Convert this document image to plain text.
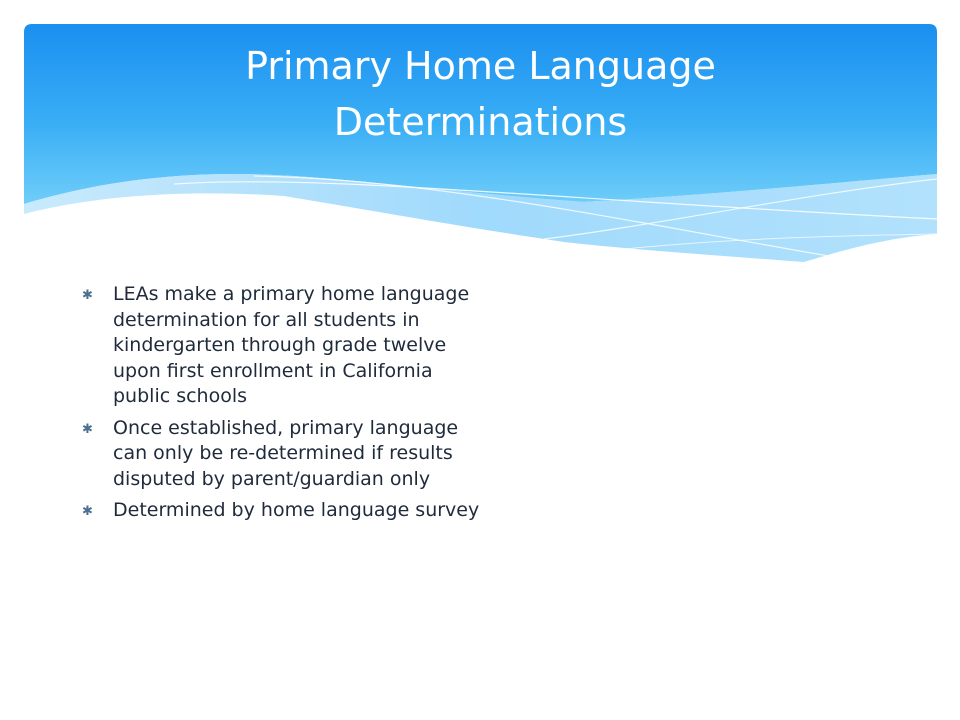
Primary Home Language
Determinations
✱ LEAs make a primary home language determination for all students in kindergarten through grade twelve upon first enrollment in California public schools
✱ Once established, primary language can only be re-determined if results disputed by parent/guardian only
✱ Determined by home language survey
